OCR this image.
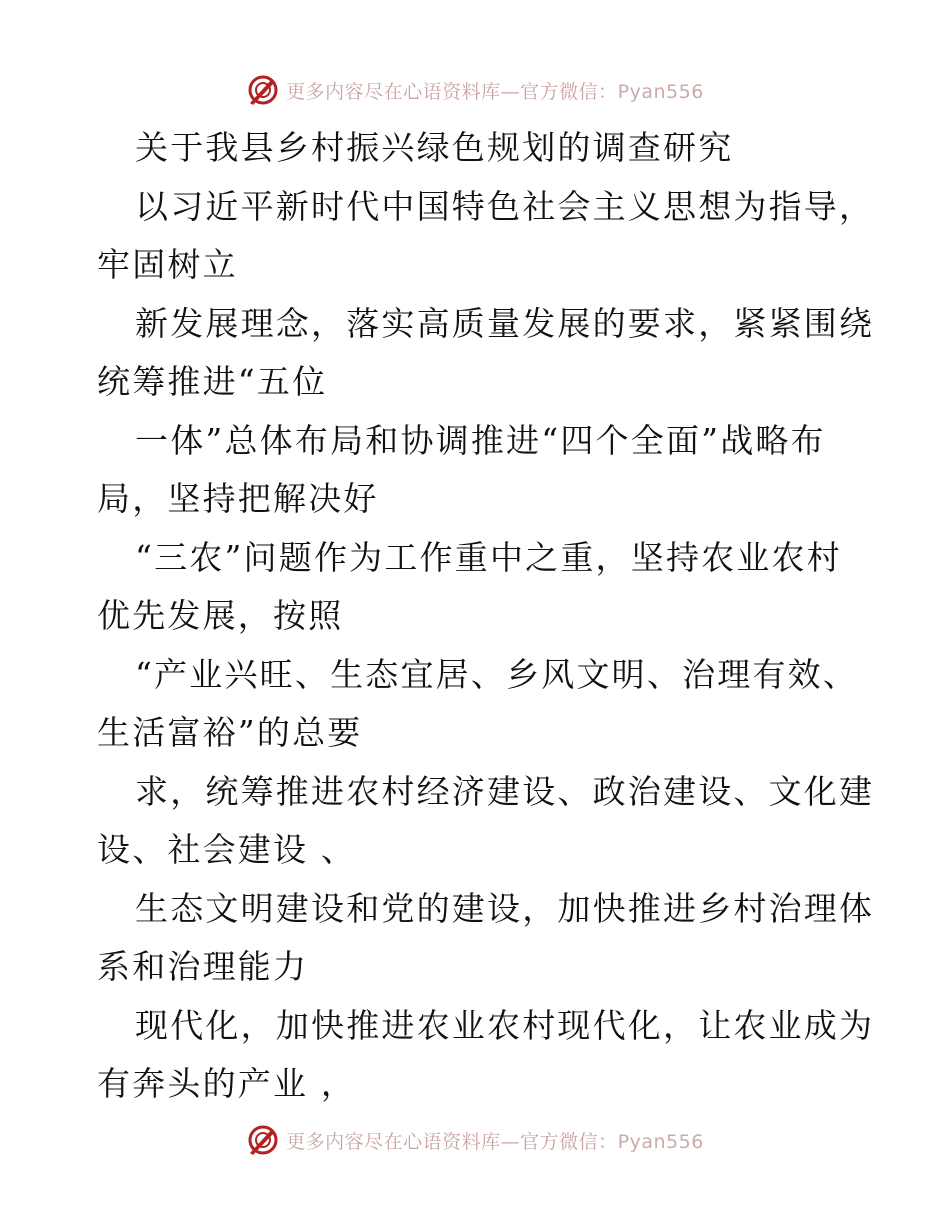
更多内容尽在心语资料库—官方微信：Pyan556
关于我县乡村振兴绿色规划的调查研究
以习近平新时代中国特色社会主义思想为指导，
牢固树立
新发展理念，落实高质量发展的要求，紧紧围绕
统筹推进“五位
一体”总体布局和协调推进“四个全面”战略布
局，坚持把解决好
“三农”问题作为工作重中之重，坚持农业农村
优先发展，按照
“产业兴旺、生态宜居、乡风文明、治理有效、
生活富裕”的总要
求，统筹推进农村经济建设、政治建设、文化建
设、社会建设 、
生态文明建设和党的建设，加快推进乡村治理体
系和治理能力
现代化，加快推进农业农村现代化，让农业成为
有奔头的产业 ，
更多内容尽在心语资料库—官方微信：Pyan556
